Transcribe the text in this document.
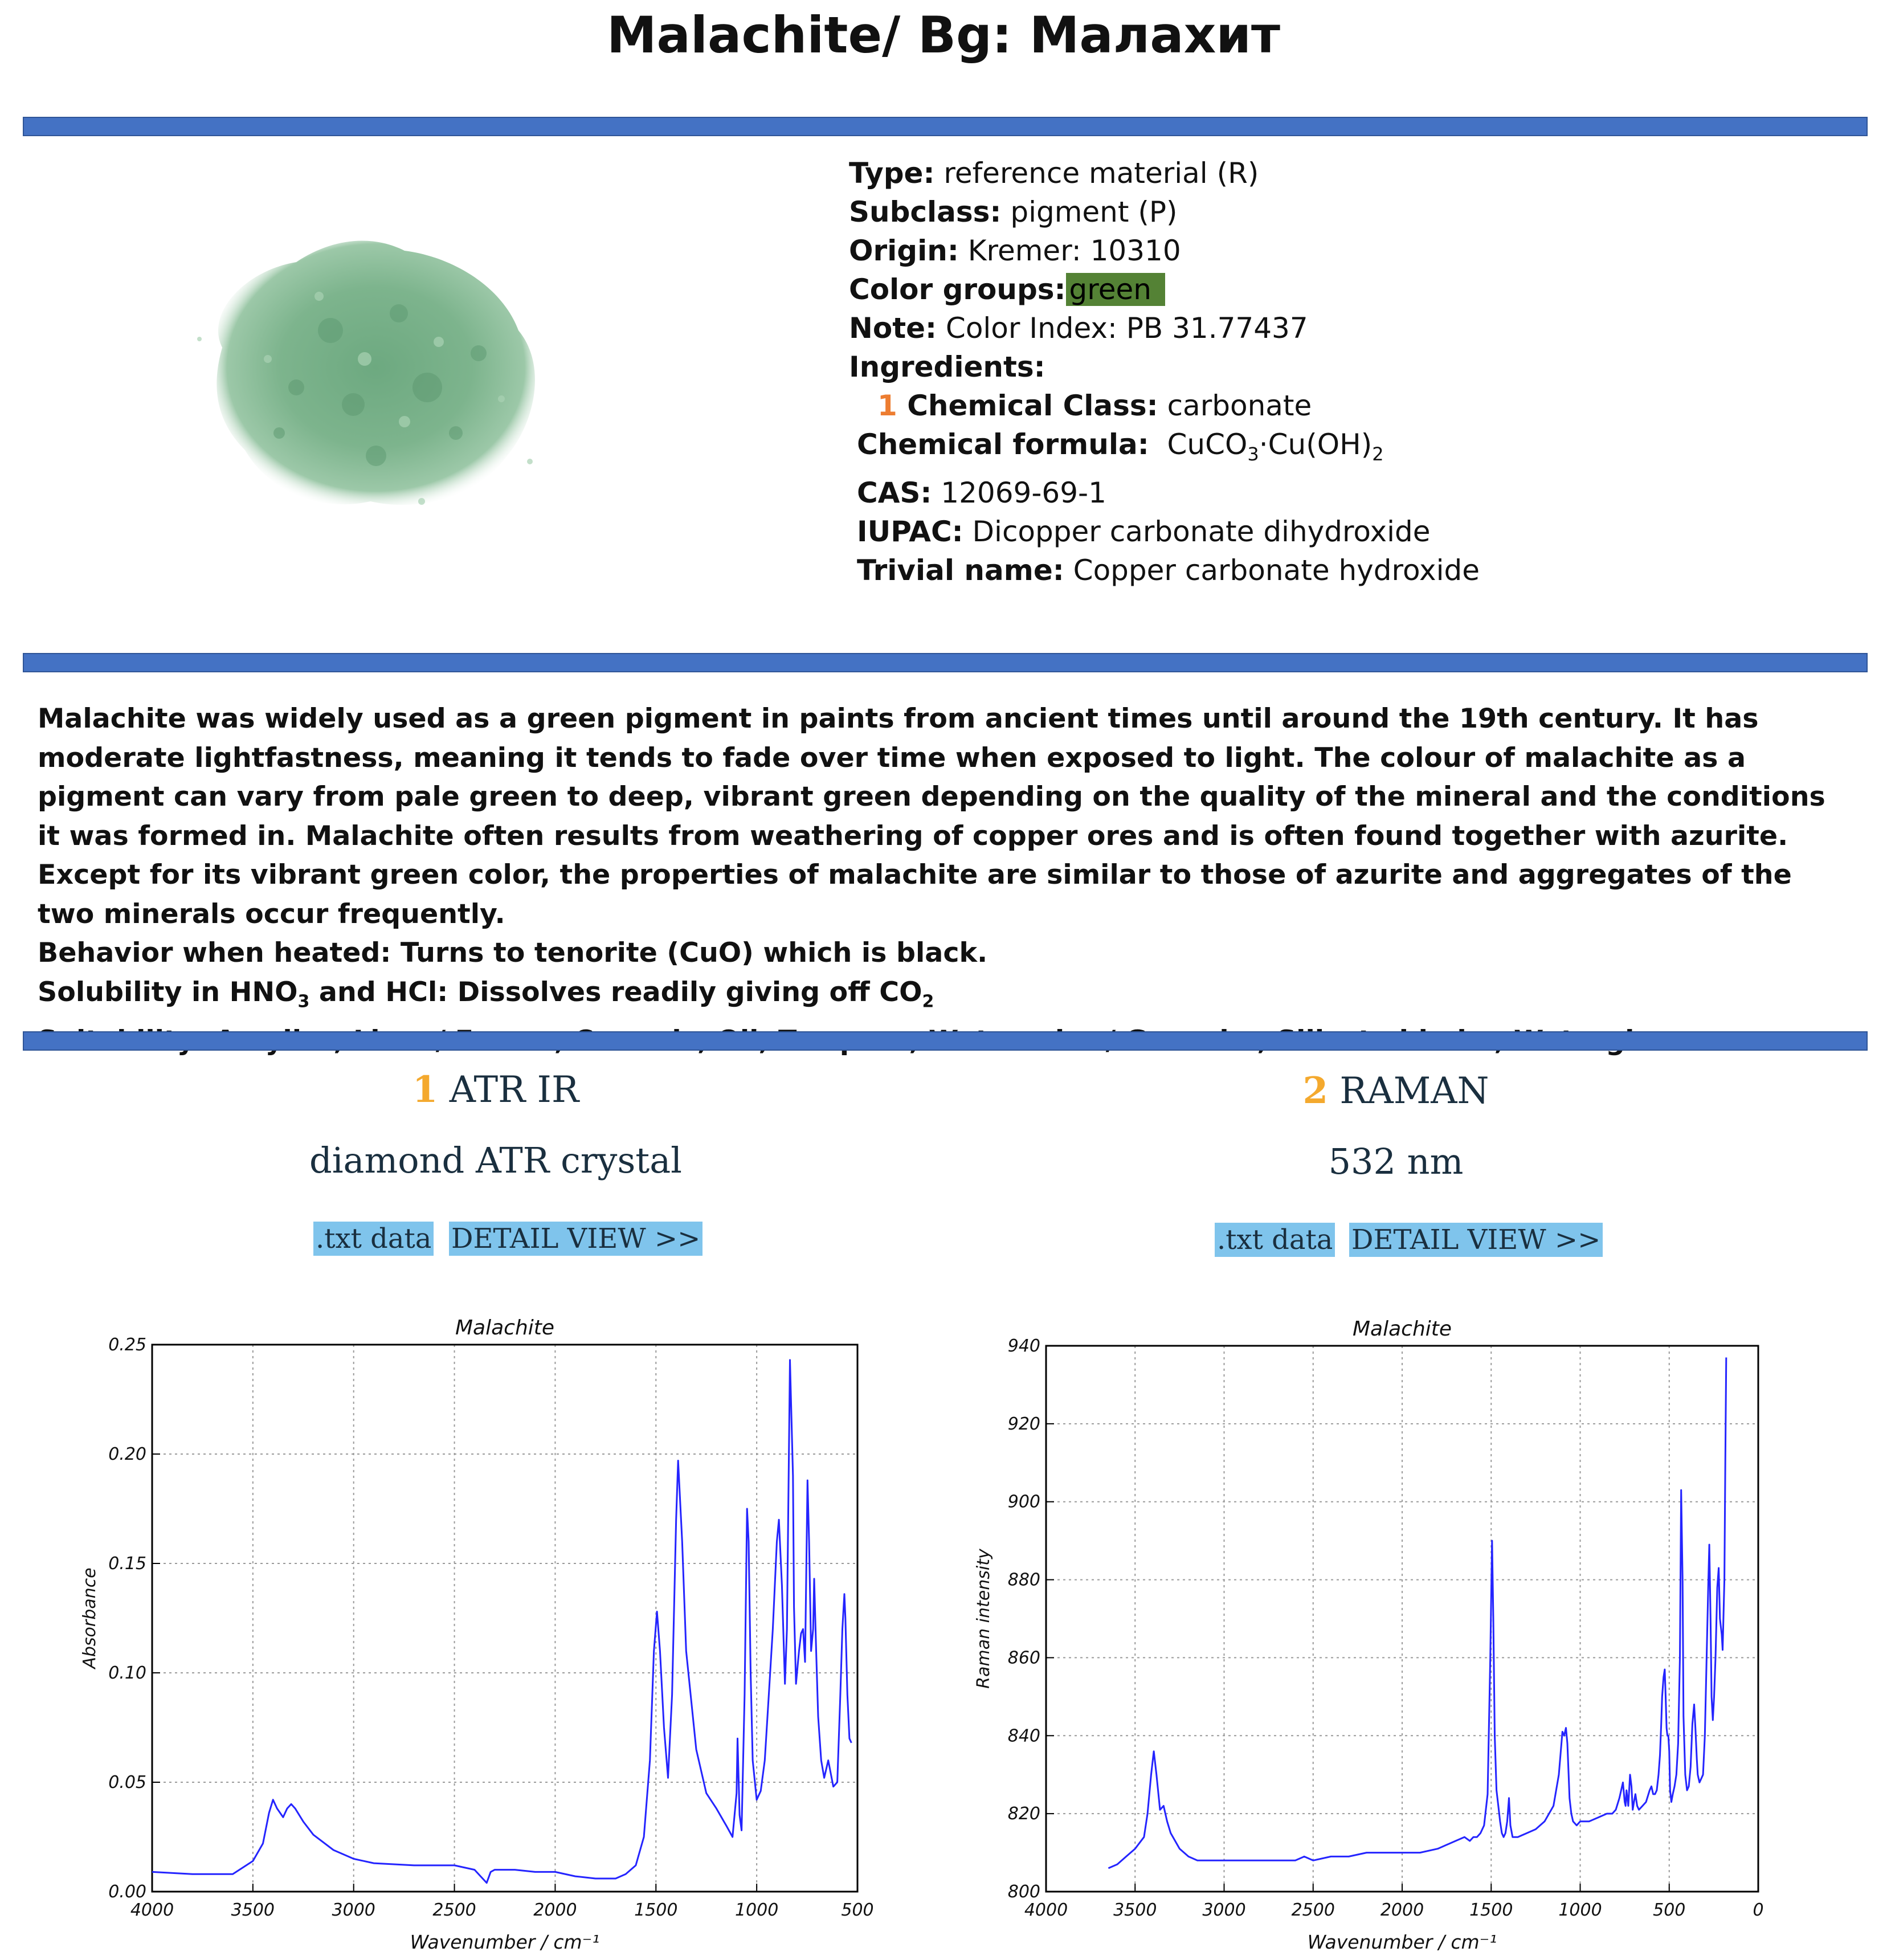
Malachite/ Bg: Малахит
Type: reference material (R)
Subclass: pigment (P)
Origin: Kremer: 10310
Color groups: green
Note: Color Index: PB 31.77437
Ingredients:
1 Chemical Class: carbonate
Chemical formula: $CuCO_3\cdot Cu(OH)_2$
CAS: 12069-69-1
IUPAC: Dicopper carbonate dihydroxide
Trivial name: Copper carbonate hydroxide

Malachite was widely used as a green pigment in paints from ancient times until around the 19th century. It has moderate lightfastness, meaning it tends to fade over time when exposed to light. The colour of malachite as a pigment can vary from pale green to deep, vibrant green depending on the quality of the mineral and the conditions it was formed in. Malachite often results from weathering of copper ores and is often found together with azurite. Except for its vibrant green color, the properties of malachite are similar to those of azurite and aggregates of the two minerals occur frequently.

Behavior when heated: Turns to tenorite (CuO) which is black.

Solubility in $HNO_3$ and HCl: Dissolves readily giving off $CO_2$

1 ATR IR
diamond ATR crystal
.txt data DETAIL VIEW >>
2 RAMAN
532 nm
.txt data DETAIL VIEW >>
4000	3500	3000	2500	2000	1500	1000	500
0.00
0.05
0.10
0.15
0.20
0.25
Malachite
Wavenumber / cm⁻¹
Absorbance
4000	3500	3000	2500	2000	1500	1000	500	0
800
820
840
860
880
900
920
940
Malachite
Wavenumber / cm⁻¹
Raman intensity
